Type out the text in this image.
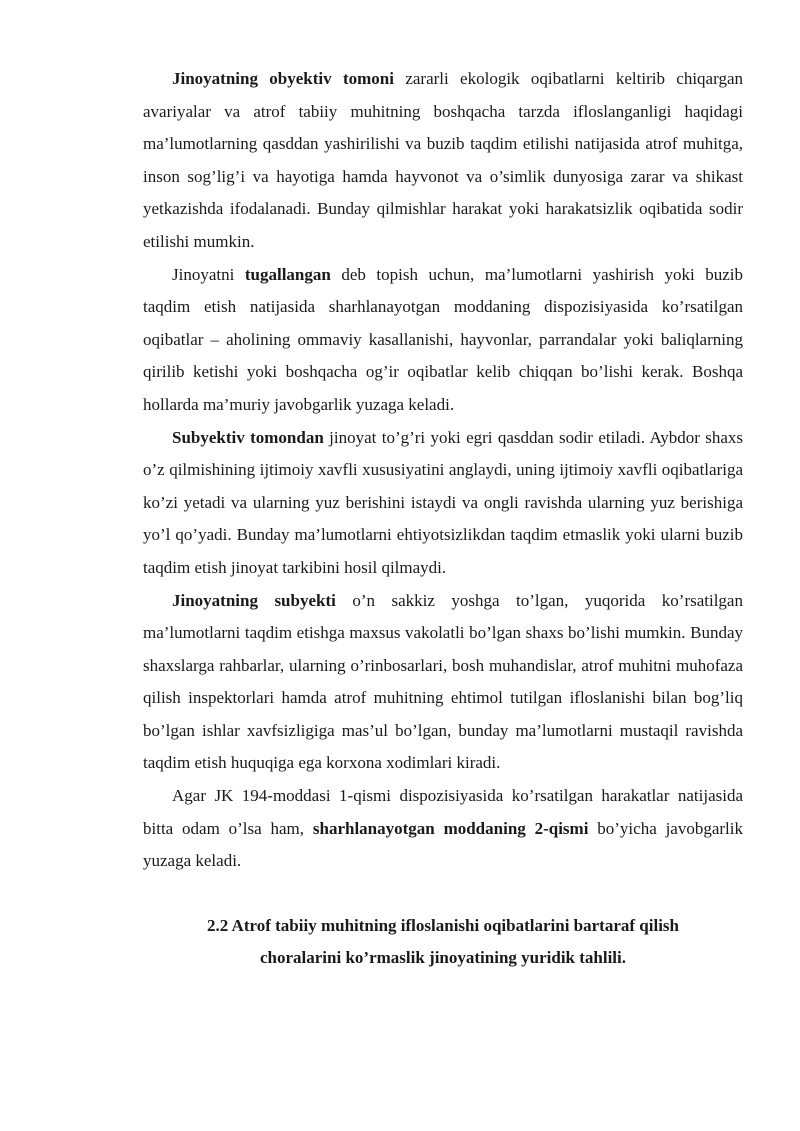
Jinoyatning obyektiv tomoni zararli ekologik oqibatlarni keltirib chiqargan avariyalar va atrof tabiiy muhitning boshqacha tarzda ifloslanganligi haqidagi ma’lumotlarning qasddan yashirilishi va buzib taqdim etilishi natijasida atrof muhitga, inson sog’lig’i va hayotiga hamda hayvonot va o’simlik dunyosiga zarar va shikast yetkazishda ifodalanadi. Bunday qilmishlar harakat yoki harakatsizlik oqibatida sodir etilishi mumkin.

Jinoyatni tugallangan deb topish uchun, ma’lumotlarni yashirish yoki buzib taqdim etish natijasida sharhlanayotgan moddaning dispozisiyasida ko’rsatilgan oqibatlar – aholining ommaviy kasallanishi, hayvonlar, parrandalar yoki baliqlarning qirilib ketishi yoki boshqacha og’ir oqibatlar kelib chiqqan bo’lishi kerak. Boshqa hollarda ma’muriy javobgarlik yuzaga keladi.

Subyektiv tomondan jinoyat to’g’ri yoki egri qasddan sodir etiladi. Aybdor shaxs o’z qilmishining ijtimoiy xavfli xususiyatini anglaydi, uning ijtimoiy xavfli oqibatlariga ko’zi yetadi va ularning yuz berishini istaydi va ongli ravishda ularning yuz berishiga yo’l qo’yadi. Bunday ma’lumotlarni ehtiyotsizlikdan taqdim etmaslik yoki ularni buzib taqdim etish jinoyat tarkibini hosil qilmaydi.

Jinoyatning subyekti o’n sakkiz yoshga to’lgan, yuqorida ko’rsatilgan ma’lumotlarni taqdim etishga maxsus vakolatli bo’lgan shaxs bo’lishi mumkin. Bunday shaxslarga rahbarlar, ularning o’rinbosarlari, bosh muhandislar, atrof muhitni muhofaza qilish inspektorlari hamda atrof muhitning ehtimol tutilgan ifloslanishi bilan bog’liq bo’lgan ishlar xavfsizligiga mas’ul bo’lgan, bunday ma’lumotlarni mustaqil ravishda taqdim etish huquqiga ega korxona xodimlari kiradi.

Agar JK 194-moddasi 1-qismi dispozisiyasida ko’rsatilgan harakatlar natijasida bitta odam o’lsa ham, sharhlanayotgan moddaning 2-qismi bo’yicha javobgarlik yuzaga keladi.

2.2 Atrof tabiiy muhitning ifloslanishi oqibatlarini bartaraf qilish
choralarini ko’rmaslik jinoyatining yuridik tahlili.
